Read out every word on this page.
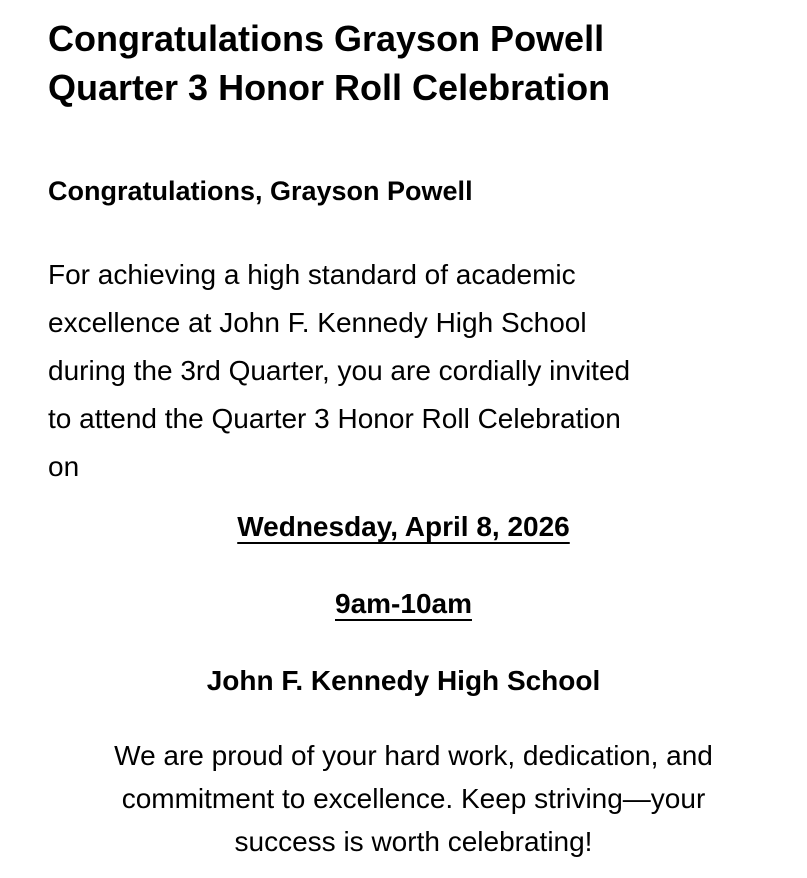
Congratulations Grayson Powell
Quarter 3 Honor Roll Celebration

Congratulations, Grayson Powell

For achieving a high standard of academic
excellence at John F. Kennedy High School
during the 3rd Quarter, you are cordially invited
to attend the Quarter 3 Honor Roll Celebration
on

Wednesday, April 8, 2026

9am-10am

John F. Kennedy High School

We are proud of your hard work, dedication, and
commitment to excellence. Keep striving—your
success is worth celebrating!
